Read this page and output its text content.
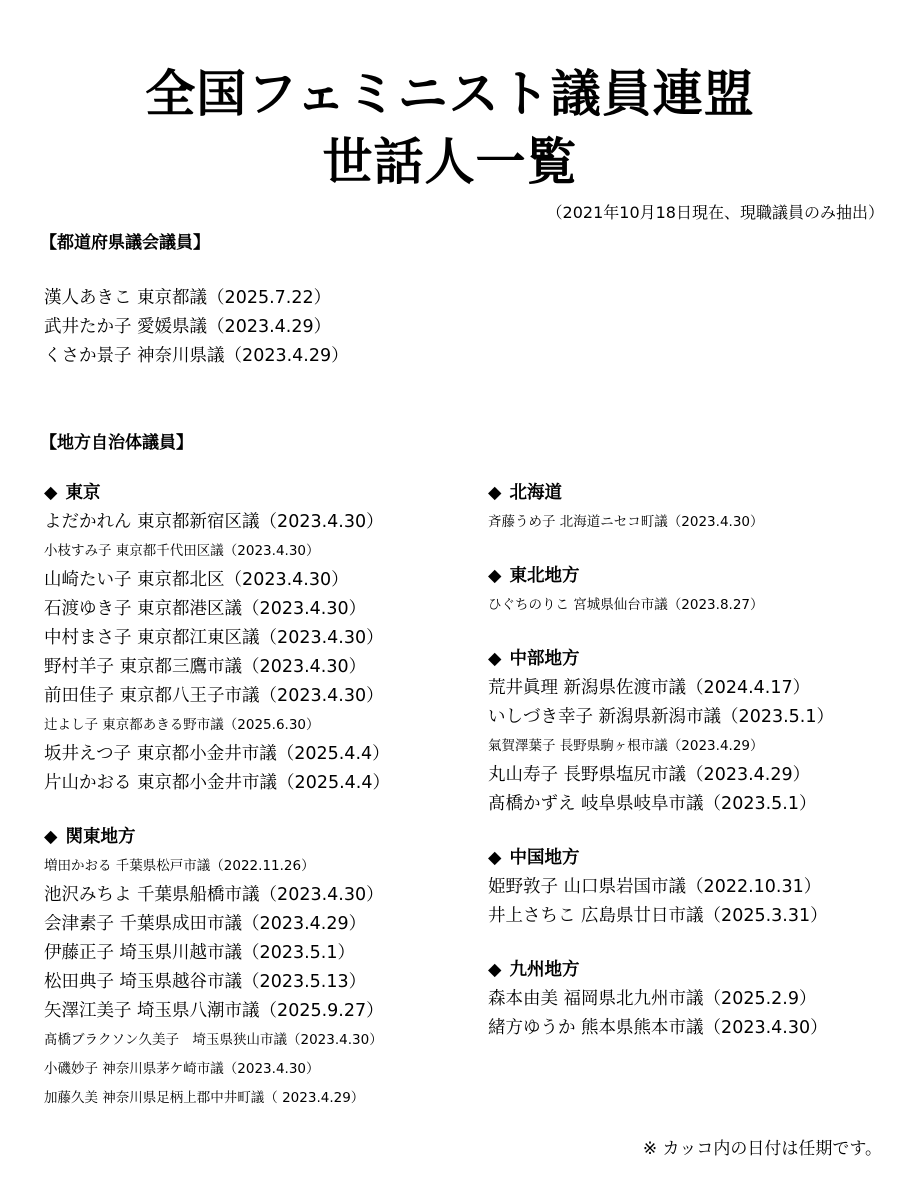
全国フェミニスト議員連盟
世話人一覧
（2021年10月18日現在、現職議員のみ抽出）
【都道府県議会議員】
漢人あきこ 東京都議（2025.7.22）
武井たか子 愛媛県議（2023.4.29）
くさか景子 神奈川県議（2023.4.29）
【地方自治体議員】
◆ 東京
よだかれん 東京都新宿区議（2023.4.30）
小枝すみ子 東京都千代田区議（2023.4.30）
山崎たい子 東京都北区（2023.4.30）
石渡ゆき子 東京都港区議（2023.4.30）
中村まさ子 東京都江東区議（2023.4.30）
野村羊子 東京都三鷹市議（2023.4.30）
前田佳子 東京都八王子市議（2023.4.30）
辻よし子 東京都あきる野市議（2025.6.30）
坂井えつ子 東京都小金井市議（2025.4.4）
片山かおる 東京都小金井市議（2025.4.4）
◆ 関東地方
増田かおる 千葉県松戸市議（2022.11.26）
池沢みちよ 千葉県船橋市議（2023.4.30）
会津素子 千葉県成田市議（2023.4.29）
伊藤正子 埼玉県川越市議（2023.5.1）
松田典子 埼玉県越谷市議（2023.5.13）
矢澤江美子 埼玉県八潮市議（2025.9.27）
髙橋ブラクソン久美子　埼玉県狭山市議（2023.4.30）
小磯妙子 神奈川県茅ケ崎市議（2023.4.30）
加藤久美 神奈川県足柄上郡中井町議（ 2023.4.29）
◆ 北海道
斉藤うめ子 北海道ニセコ町議（2023.4.30）
◆ 東北地方
ひぐちのりこ 宮城県仙台市議（2023.8.27）
◆ 中部地方
荒井眞理 新潟県佐渡市議（2024.4.17）
いしづき幸子 新潟県新潟市議（2023.5.1）
氣賀澤葉子 長野県駒ヶ根市議（2023.4.29）
丸山寿子 長野県塩尻市議（2023.4.29）
髙橋かずえ 岐阜県岐阜市議（2023.5.1）
◆ 中国地方
姫野敦子 山口県岩国市議（2022.10.31）
井上さちこ 広島県廿日市議（2025.3.31）
◆ 九州地方
森本由美 福岡県北九州市議（2025.2.9）
緒方ゆうか 熊本県熊本市議（2023.4.30）
※ カッコ内の日付は任期です。
